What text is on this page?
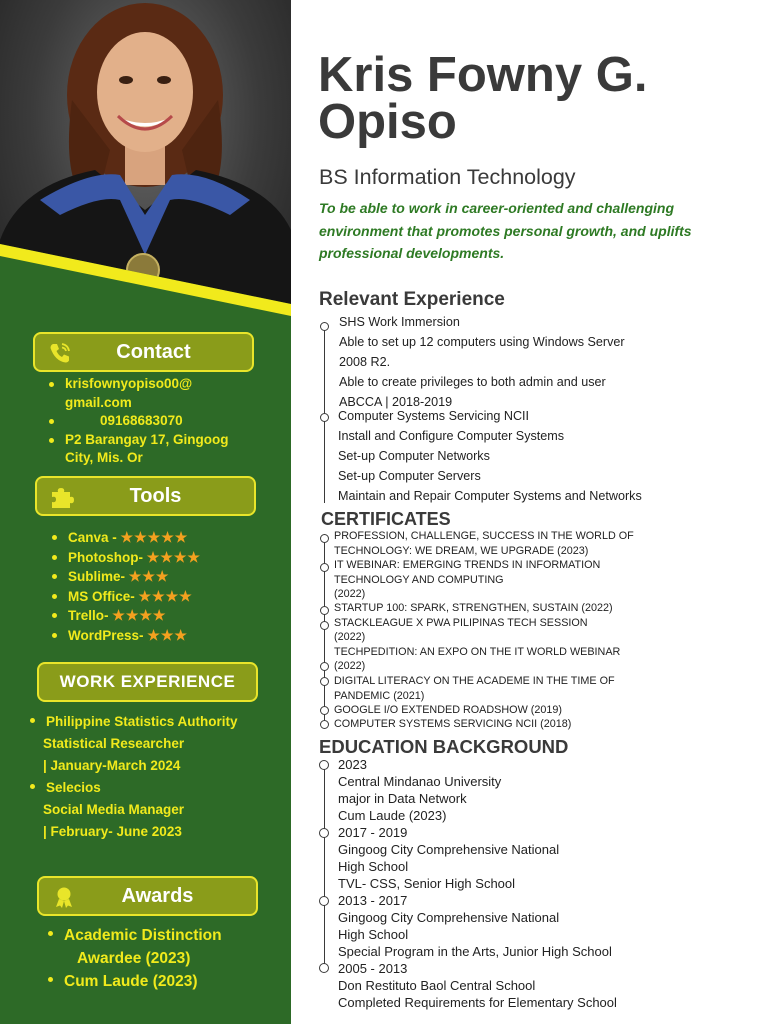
Contact
krisfownyopiso00@ gmail.com
09168683070
P2 Barangay 17, Gingoog City, Mis. Or
Tools
Canva - ★★★★★
Photoshop- ★★★★
Sublime- ★★★
MS Office- ★★★★
Trello- ★★★★
WordPress- ★★★
WORK EXPERIENCE
Philippine Statistics Authority
Statistical Researcher
| January-March 2024
Selecios
Social Media Manager
| February- June 2023
Awards
Academic Distinction
Awardee (2023)
Cum Laude (2023)
Kris Fowny G. Opiso
BS Information Technology
To be able to work in career-oriented and challenging environment that promotes personal growth, and uplifts professional developments.
Relevant Experience
SHS Work Immersion
Able to set up 12 computers using Windows Server
2008 R2.
Able to create privileges to both admin and user
ABCCA | 2018-2019
Computer Systems Servicing NCII
Install and Configure Computer Systems
Set-up Computer Networks
Set-up Computer Servers
Maintain and Repair Computer Systems and Networks
CERTIFICATES
PROFESSION, CHALLENGE, SUCCESS IN THE WORLD OF TECHNOLOGY: WE DREAM, WE UPGRADE (2023)
IT WEBINAR: EMERGING TRENDS IN INFORMATION TECHNOLOGY AND COMPUTING
(2022)
STARTUP 100: SPARK, STRENGTHEN, SUSTAIN (2022)
STACKLEAGUE X PWA PILIPINAS TECH SESSION
(2022)
TECHPEDITION: AN EXPO ON THE IT WORLD WEBINAR
(2022)
DIGITAL LITERACY ON THE ACADEME IN THE TIME OF PANDEMIC (2021)
GOOGLE I/O EXTENDED ROADSHOW (2019)
COMPUTER SYSTEMS SERVICING NCII (2018)
EDUCATION BACKGROUND
2023
Central Mindanao University
major in Data Network
Cum Laude (2023)
2017 - 2019
Gingoog City Comprehensive National
High School
TVL- CSS, Senior High School
2013 - 2017
Gingoog City Comprehensive National
High School
Special Program in the Arts, Junior High School
2005 - 2013
Don Restituto Baol Central School
Completed Requirements for Elementary School
